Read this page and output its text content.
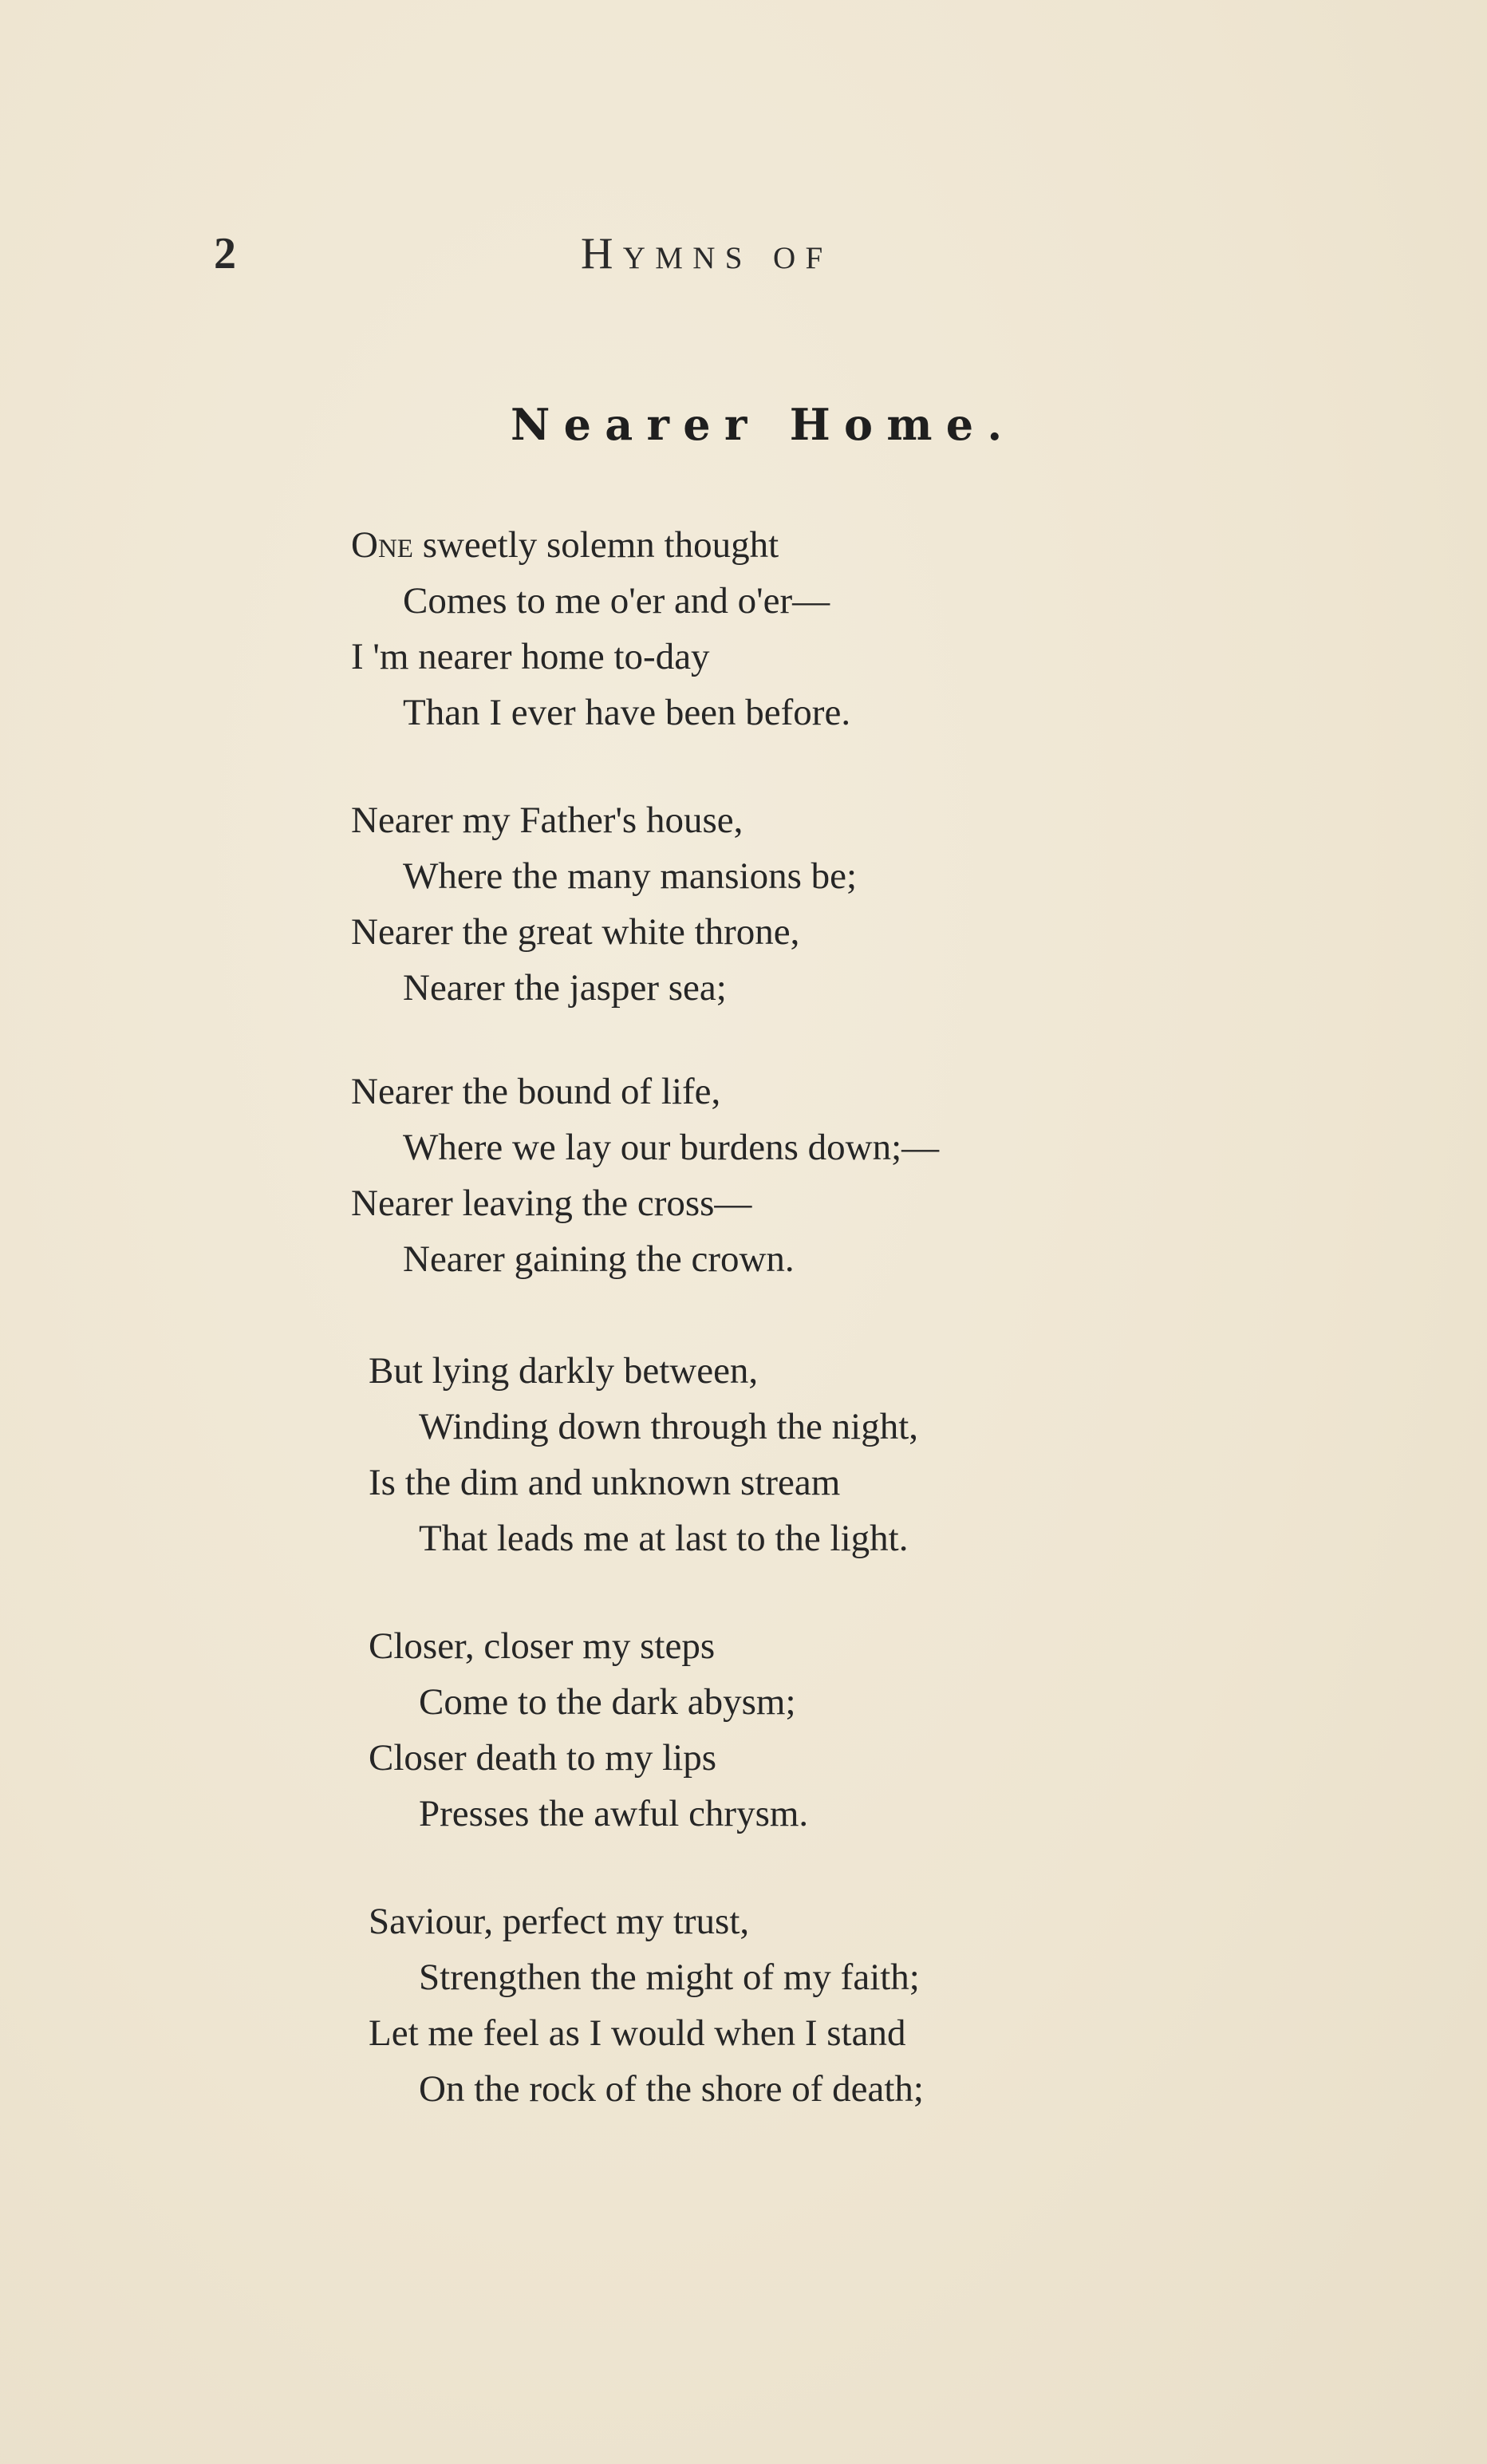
2	Hymns of
Nearer Home.
One sweetly solemn thought
Comes to me o'er and o'er—
I 'm nearer home to-day
Than I ever have been before.
Nearer my Father's house,
Where the many mansions be;
Nearer the great white throne,
Nearer the jasper sea;
Nearer the bound of life,
Where we lay our burdens down;—
Nearer leaving the cross—
Nearer gaining the crown.
But lying darkly between,
Winding down through the night,
Is the dim and unknown stream
That leads me at last to the light.
Closer, closer my steps
Come to the dark abysm;
Closer death to my lips
Presses the awful chrysm.
Saviour, perfect my trust,
Strengthen the might of my faith;
Let me feel as I would when I stand
On the rock of the shore of death;
